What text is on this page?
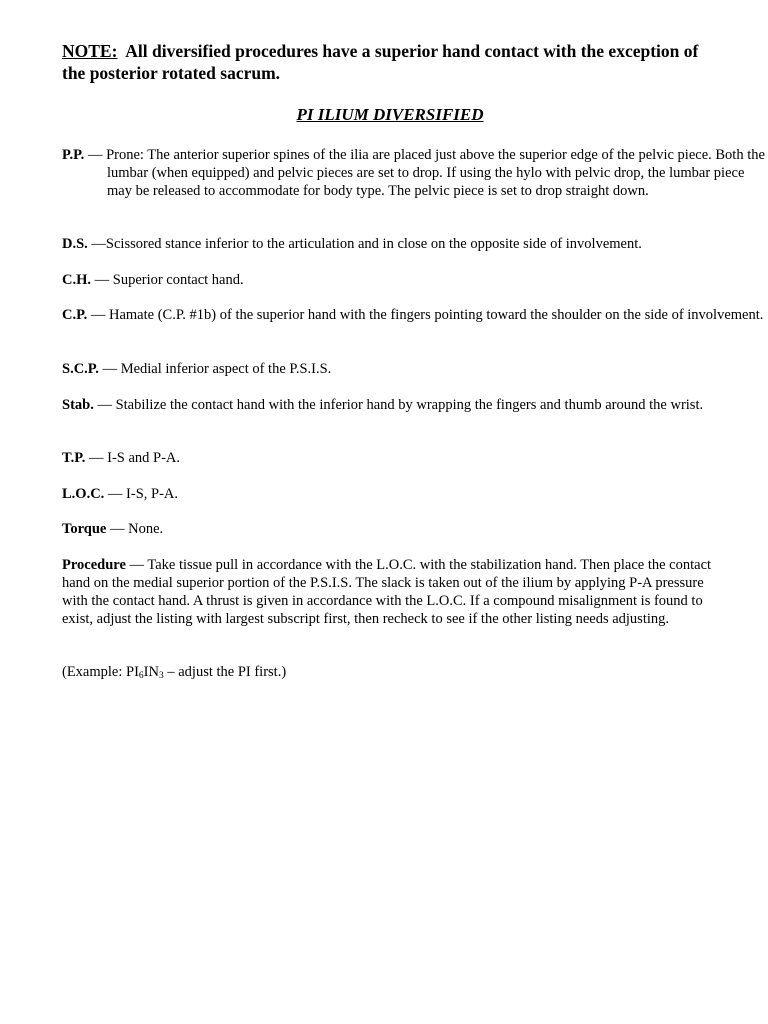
NOTE: All diversified procedures have a superior hand contact with the exception of the posterior rotated sacrum.

PI ILIUM DIVERSIFIED

P.P. — Prone: The anterior superior spines of the ilia are placed just above the superior edge of the pelvic piece. Both the lumbar (when equipped) and pelvic pieces are set to drop. If using the hylo with pelvic drop, the lumbar piece may be released to accommodate for body type. The pelvic piece is set to drop straight down.

D.S. —Scissored stance inferior to the articulation and in close on the opposite side of involvement.

C.H. — Superior contact hand.

C.P. — Hamate (C.P. #1b) of the superior hand with the fingers pointing toward the shoulder on the side of involvement.

S.C.P. — Medial inferior aspect of the P.S.I.S.

Stab. — Stabilize the contact hand with the inferior hand by wrapping the fingers and thumb around the wrist.

T.P. — I-S and P-A.

L.O.C. — I-S, P-A.

Torque — None.

Procedure — Take tissue pull in accordance with the L.O.C. with the stabilization hand. Then place the contact hand on the medial superior portion of the P.S.I.S. The slack is taken out of the ilium by applying P-A pressure with the contact hand. A thrust is given in accordance with the L.O.C. If a compound misalignment is found to exist, adjust the listing with largest subscript first, then recheck to see if the other listing needs adjusting.

(Example: $PI_6IN_3$ – adjust the PI first.)
